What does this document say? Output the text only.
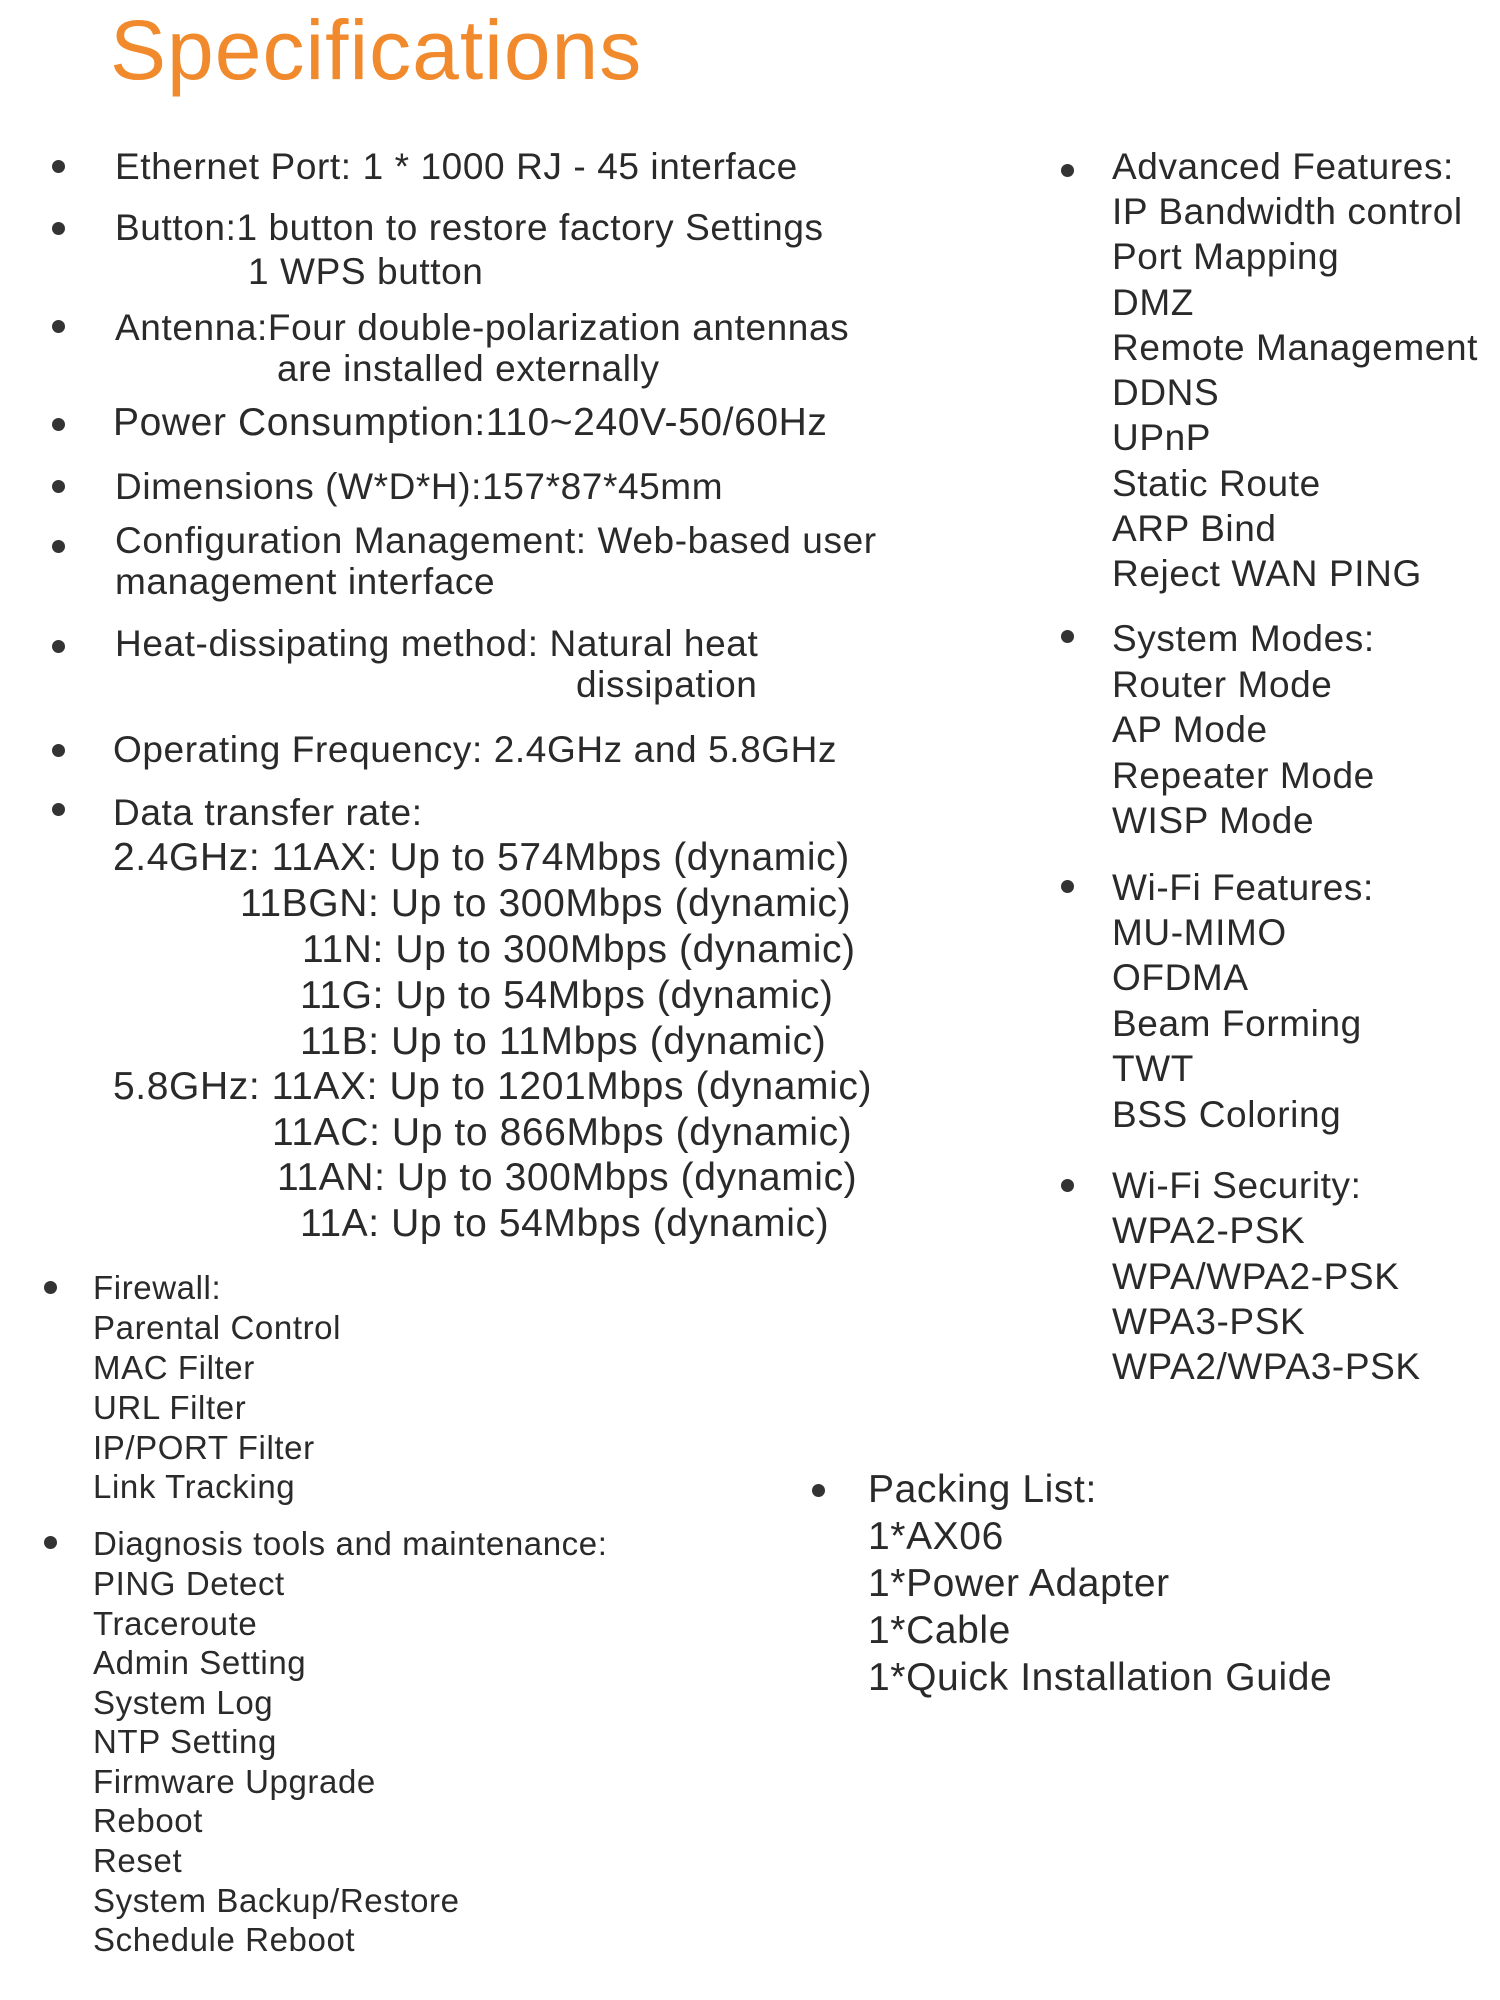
Specifications
Ethernet Port: 1 * 1000 RJ - 45 interface
Button:1 button to restore factory Settings
1 WPS button
Antenna:Four double-polarization antennas
are installed externally
Power Consumption:110~240V-50/60Hz
Dimensions (W*D*H):157*87*45mm
Configuration Management: Web-based user
management interface
Heat-dissipating method: Natural heat
dissipation
Operating Frequency: 2.4GHz and 5.8GHz
Data transfer rate:
2.4GHz: 11AX: Up to 574Mbps (dynamic)
11BGN: Up to 300Mbps (dynamic)
11N: Up to 300Mbps (dynamic)
11G: Up to 54Mbps (dynamic)
11B: Up to 11Mbps (dynamic)
5.8GHz: 11AX: Up to 1201Mbps (dynamic)
11AC: Up to 866Mbps (dynamic)
11AN: Up to 300Mbps (dynamic)
11A: Up to 54Mbps (dynamic)
Firewall:
Parental Control
MAC Filter
URL Filter
IP/PORT Filter
Link Tracking
Diagnosis tools and maintenance:
PING Detect
Traceroute
Admin Setting
System Log
NTP Setting
Firmware Upgrade
Reboot
Reset
System Backup/Restore
Schedule Reboot
Advanced Features:
IP Bandwidth control
Port Mapping
DMZ
Remote Management
DDNS
UPnP
Static Route
ARP Bind
Reject WAN PING
System Modes:
Router Mode
AP Mode
Repeater Mode
WISP Mode
Wi-Fi Features:
MU-MIMO
OFDMA
Beam Forming
TWT
BSS Coloring
Wi-Fi Security:
WPA2-PSK
WPA/WPA2-PSK
WPA3-PSK
WPA2/WPA3-PSK
Packing List:
1*AX06
1*Power Adapter
1*Cable
1*Quick Installation Guide
